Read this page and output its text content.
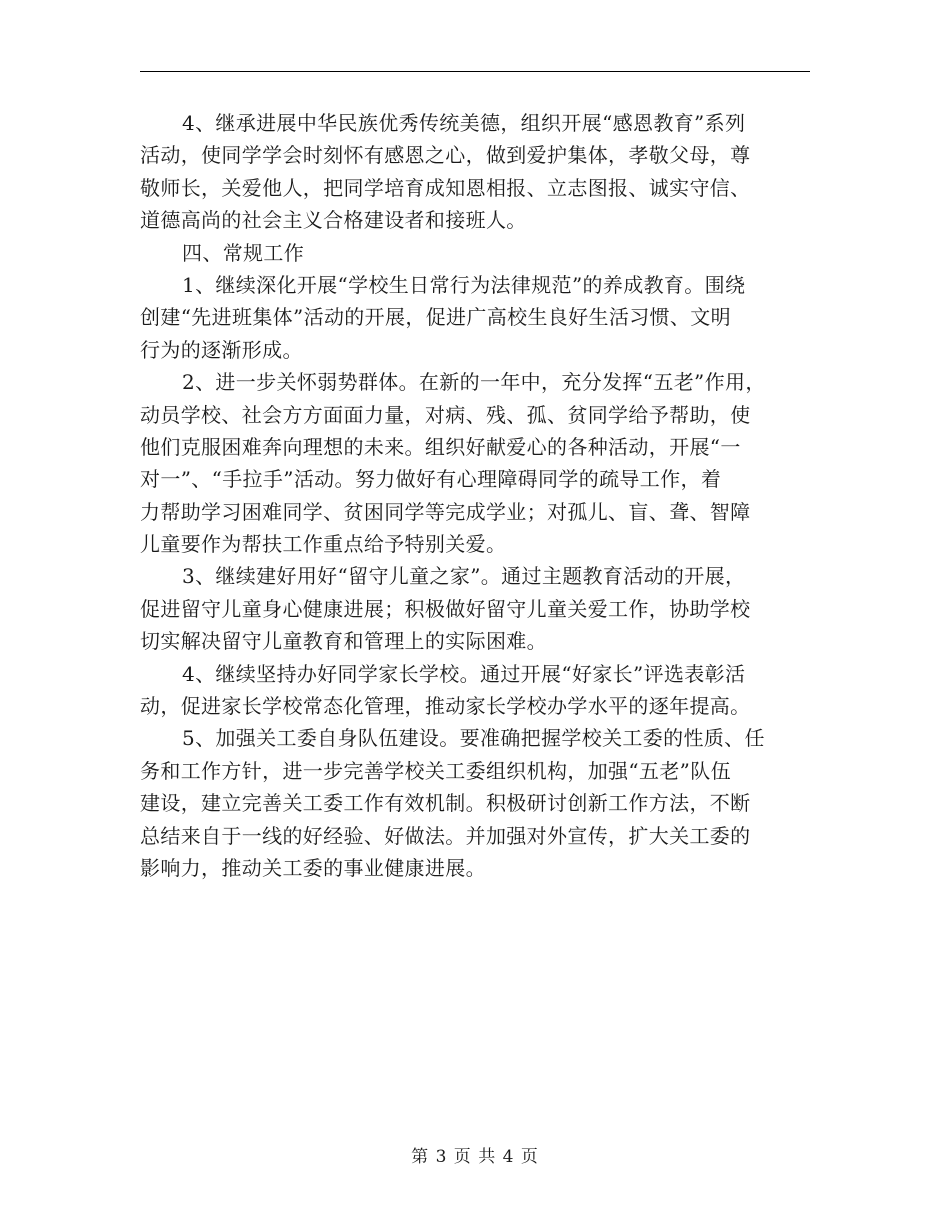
4、继承进展中华民族优秀传统美德，组织开展“感恩教育”系列
活动，使同学学会时刻怀有感恩之心，做到爱护集体，孝敬父母，尊
敬师长，关爱他人，把同学培育成知恩相报、立志图报、诚实守信、
道德高尚的社会主义合格建设者和接班人。
四、常规工作
1、继续深化开展“学校生日常行为法律规范”的养成教育。围绕
创建“先进班集体”活动的开展，促进广高校生良好生活习惯、文明
行为的逐渐形成。
2、进一步关怀弱势群体。在新的一年中，充分发挥“五老”作用，
动员学校、社会方方面面力量，对病、残、孤、贫同学给予帮助，使
他们克服困难奔向理想的未来。组织好献爱心的各种活动，开展“一
对一”、“手拉手”活动。努力做好有心理障碍同学的疏导工作，着
力帮助学习困难同学、贫困同学等完成学业；对孤儿、盲、聋、智障
儿童要作为帮扶工作重点给予特别关爱。
3、继续建好用好“留守儿童之家”。通过主题教育活动的开展，
促进留守儿童身心健康进展；积极做好留守儿童关爱工作，协助学校
切实解决留守儿童教育和管理上的实际困难。
4、继续坚持办好同学家长学校。通过开展“好家长”评选表彰活
动，促进家长学校常态化管理，推动家长学校办学水平的逐年提高。
5、加强关工委自身队伍建设。要准确把握学校关工委的性质、任
务和工作方针，进一步完善学校关工委组织机构，加强“五老”队伍
建设，建立完善关工委工作有效机制。积极研讨创新工作方法，不断
总结来自于一线的好经验、好做法。并加强对外宣传，扩大关工委的
影响力，推动关工委的事业健康进展。
第 3 页 共 4 页
